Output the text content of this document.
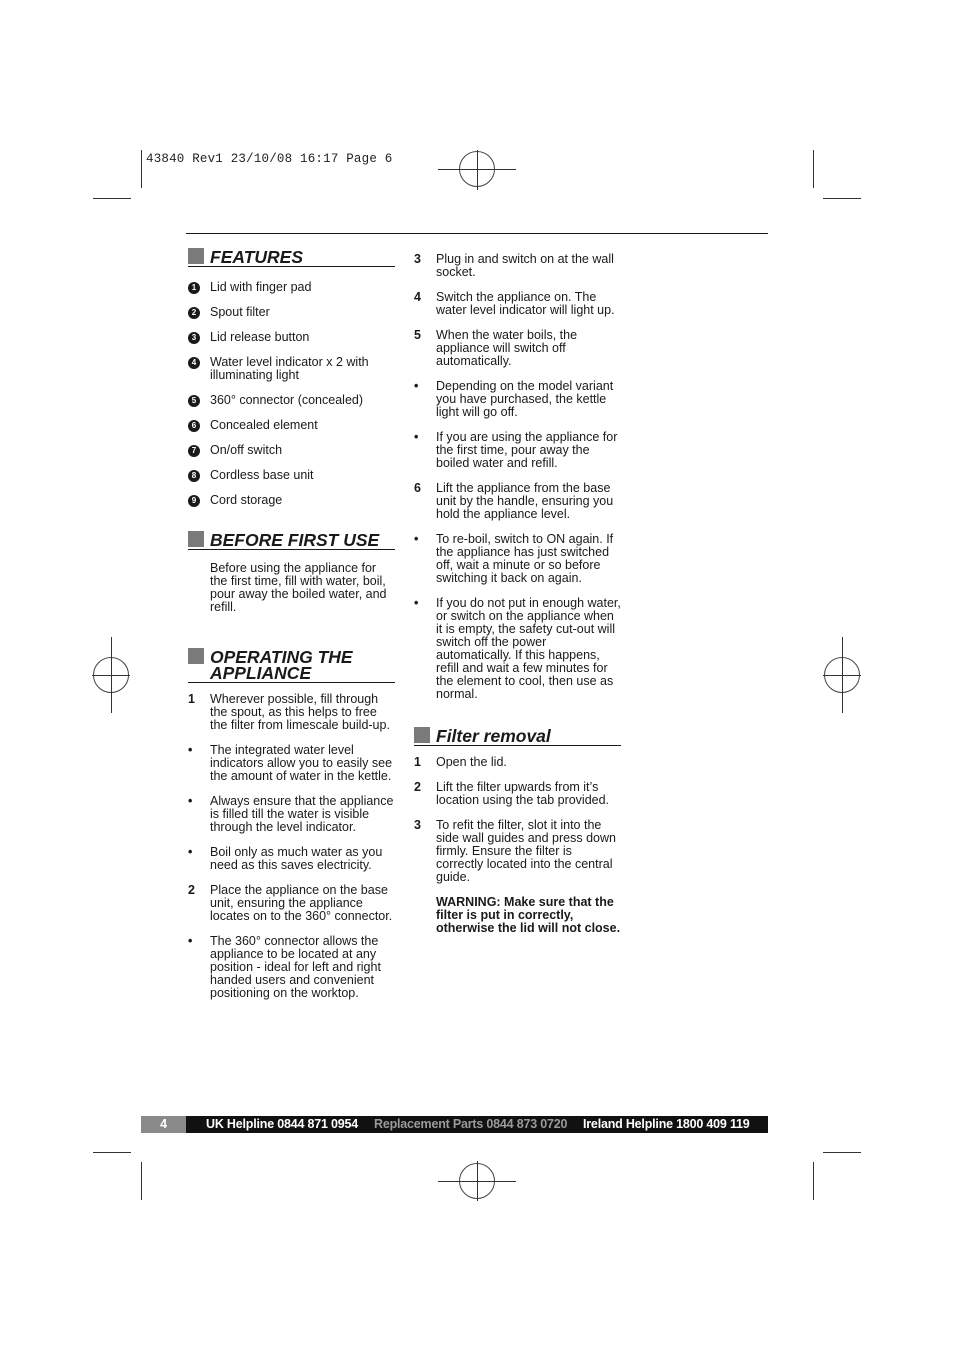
43840 Rev1 23/10/08 16:17 Page 6
FEATURES
1	Lid with finger pad
2	Spout filter
3	Lid release button
4	Water level indicator x 2 with illuminating light
5	360° connector (concealed)
6	Concealed element
7	On/off switch
8	Cordless base unit
9	Cord storage
BEFORE FIRST USE
Before using the appliance for the first time, fill with water, boil, pour away the boiled water, and refill.
OPERATING THE
APPLIANCE
1 Wherever possible, fill through the spout, as this helps to free the filter from limescale build-up.
• The integrated water level indicators allow you to easily see the amount of water in the kettle.
• Always ensure that the appliance is filled till the water is visible through the level indicator.
• Boil only as much water as you need as this saves electricity.
2 Place the appliance on the base unit, ensuring the appliance locates on to the 360° connector.
• The 360° connector allows the appliance to be located at any position - ideal for left and right handed users and convenient positioning on the worktop.
3 Plug in and switch on at the wall socket.
4 Switch the appliance on. The water level indicator will light up.
5 When the water boils, the appliance will switch off automatically.
• Depending on the model variant you have purchased, the kettle light will go off.
• If you are using the appliance for the first time, pour away the boiled water and refill.
6 Lift the appliance from the base unit by the handle, ensuring you hold the appliance level.
• To re-boil, switch to ON again. If the appliance has just switched off, wait a minute or so before switching it back on again.
• If you do not put in enough water, or switch on the appliance when it is empty, the safety cut-out will switch off the power automatically. If this happens, refill and wait a few minutes for the element to cool, then use as normal.
Filter removal
1 Open the lid.
2 Lift the filter upwards from it’s location using the tab provided.
3 To refit the filter, slot it into the side wall guides and press down firmly. Ensure the filter is correctly located into the central guide.
WARNING: Make sure that the filter is put in correctly, otherwise the lid will not close.
4	UK Helpline 0844 871 0954 Replacement Parts 0844 873 0720 Ireland Helpline 1800 409 119
